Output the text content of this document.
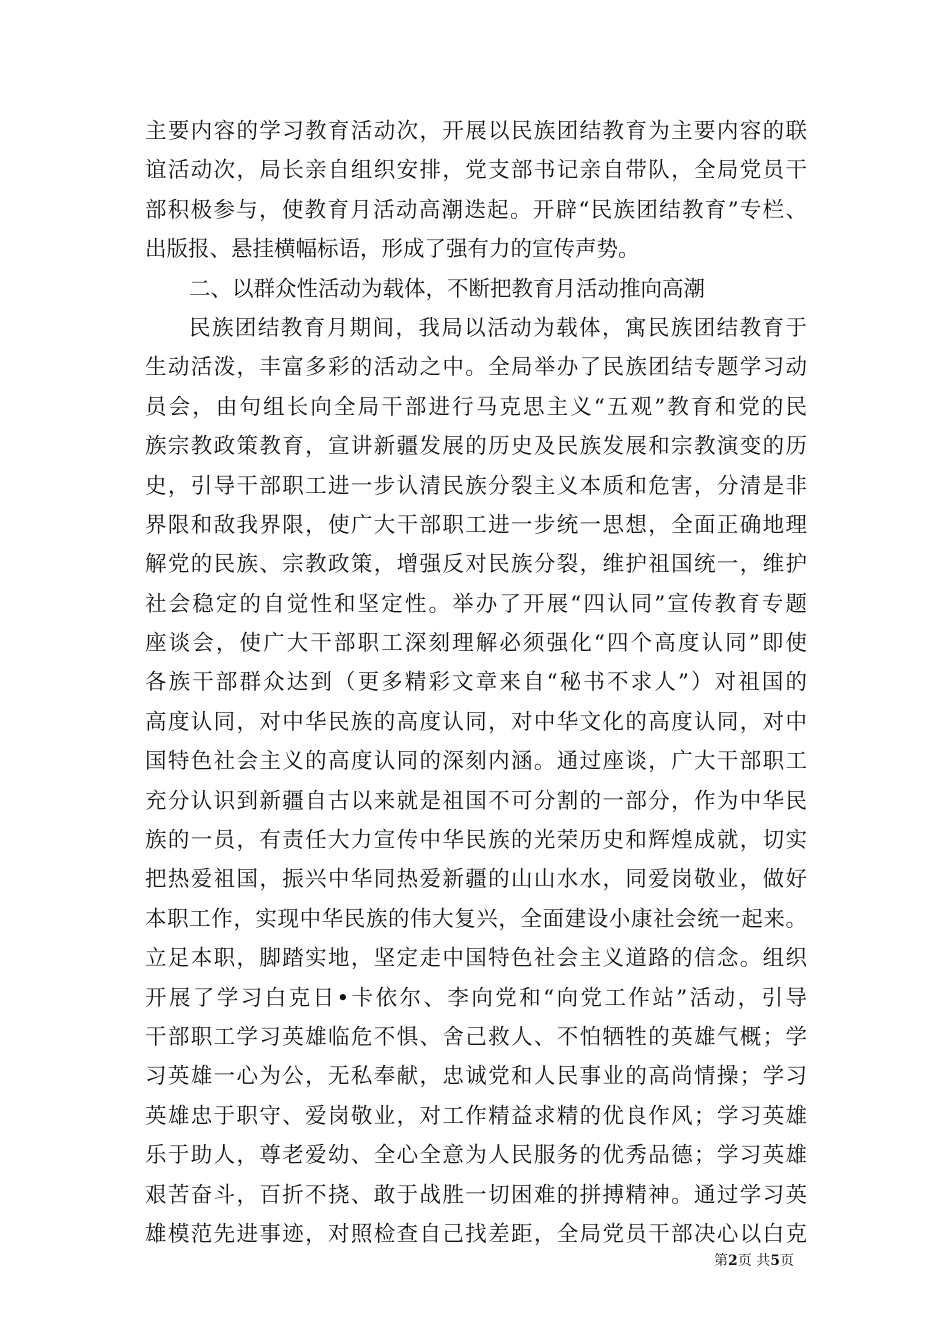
主要内容的学习教育活动次，开展以民族团结教育为主要内容的联
谊活动次，局长亲自组织安排，党支部书记亲自带队，全局党员干
部积极参与，使教育月活动高潮迭起。开辟“民族团结教育”专栏、
出版报、悬挂横幅标语，形成了强有力的宣传声势。
二、以群众性活动为载体，不断把教育月活动推向高潮
民族团结教育月期间，我局以活动为载体，寓民族团结教育于
生动活泼，丰富多彩的活动之中。全局举办了民族团结专题学习动
员会，由句组长向全局干部进行马克思主义“五观”教育和党的民
族宗教政策教育，宣讲新疆发展的历史及民族发展和宗教演变的历
史，引导干部职工进一步认清民族分裂主义本质和危害，分清是非
界限和敌我界限，使广大干部职工进一步统一思想，全面正确地理
解党的民族、宗教政策，增强反对民族分裂，维护祖国统一，维护
社会稳定的自觉性和坚定性。举办了开展“四认同”宣传教育专题
座谈会，使广大干部职工深刻理解必须强化“四个高度认同”即使
各族干部群众达到（更多精彩文章来自“秘书不求人”）对祖国的
高度认同，对中华民族的高度认同，对中华文化的高度认同，对中
国特色社会主义的高度认同的深刻内涵。通过座谈，广大干部职工
充分认识到新疆自古以来就是祖国不可分割的一部分，作为中华民
族的一员，有责任大力宣传中华民族的光荣历史和辉煌成就，切实
把热爱祖国，振兴中华同热爱新疆的山山水水，同爱岗敬业，做好
本职工作，实现中华民族的伟大复兴，全面建设小康社会统一起来。
立足本职，脚踏实地，坚定走中国特色社会主义道路的信念。组织
开展了学习白克日•卡依尔、李向党和“向党工作站”活动，引导
干部职工学习英雄临危不惧、舍己救人、不怕牺牲的英雄气概；学
习英雄一心为公，无私奉献，忠诚党和人民事业的高尚情操；学习
英雄忠于职守、爱岗敬业，对工作精益求精的优良作风；学习英雄
乐于助人，尊老爱幼、全心全意为人民服务的优秀品德；学习英雄
艰苦奋斗，百折不挠、敢于战胜一切困难的拼搏精神。通过学习英
雄模范先进事迹，对照检查自己找差距，全局党员干部决心以白克
第2页 共5页
